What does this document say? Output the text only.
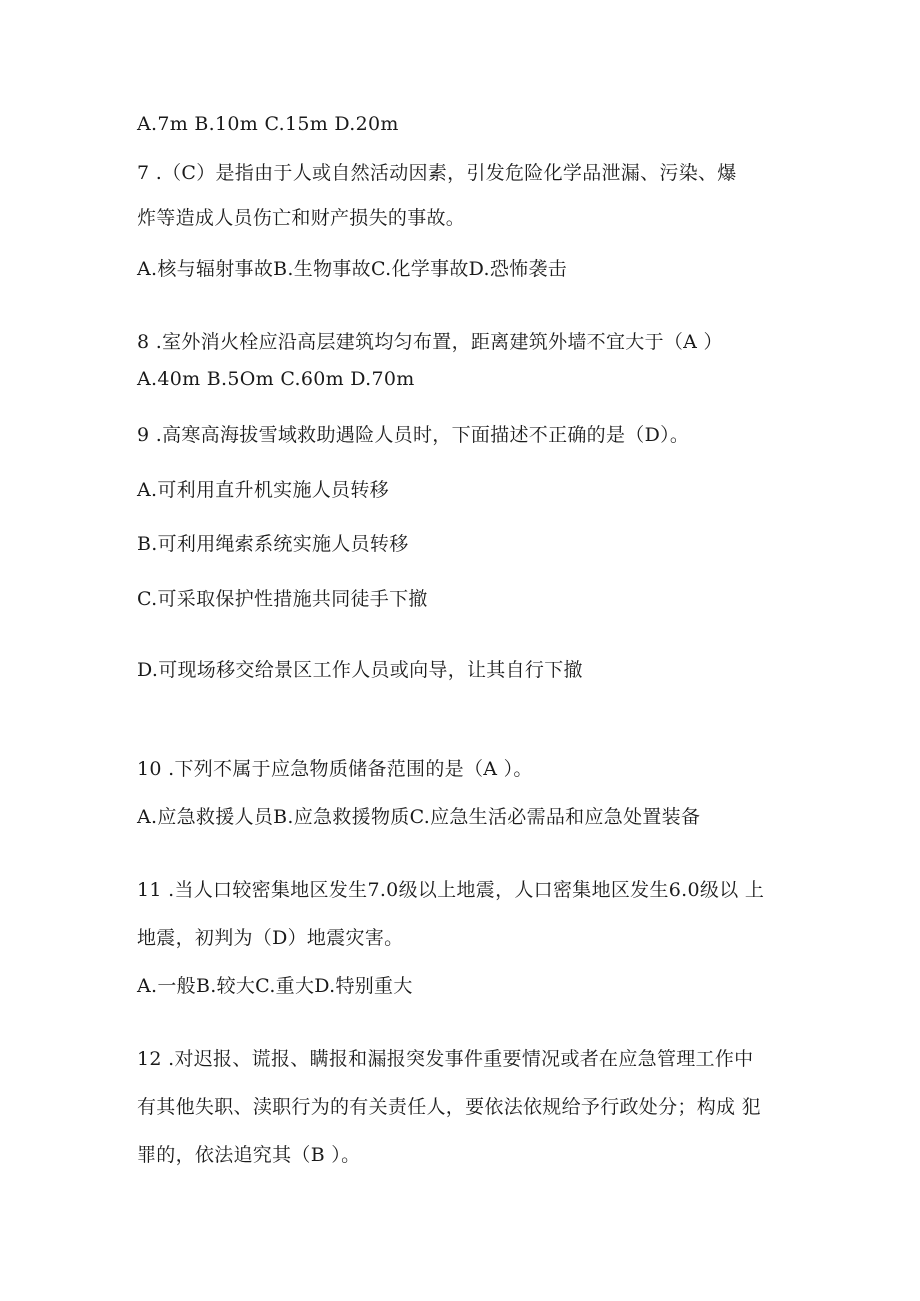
A.7m B.10m C.15m D.20m

7 .（C）是指由于人或自然活动因素，引发危险化学品泄漏、污染、爆

炸等造成人员伤亡和财产损失的事故。

A.核与辐射事故B.生物事故C.化学事故D.恐怖袭击

8 .室外消火栓应沿高层建筑均匀布置，距离建筑外墙不宜大于（A ）

A.40m B.5Om C.60m D.70m

9 .高寒高海拔雪域救助遇险人员时，下面描述不正确的是（D）。

A.可利用直升机实施人员转移

B.可利用绳索系统实施人员转移

C.可采取保护性措施共同徒手下撤

D.可现场移交给景区工作人员或向导，让其自行下撤

10 .下列不属于应急物质储备范围的是（A ）。

A.应急救援人员B.应急救援物质C.应急生活必需品和应急处置装备

11 .当人口较密集地区发生7.0级以上地震，人口密集地区发生6.0级以 上

地震，初判为（D）地震灾害。

A.一般B.较大C.重大D.特别重大

12 .对迟报、谎报、瞒报和漏报突发事件重要情况或者在应急管理工作中

有其他失职、渎职行为的有关责任人，要依法依规给予行政处分；构成 犯

罪的，依法追究其（B ）。
